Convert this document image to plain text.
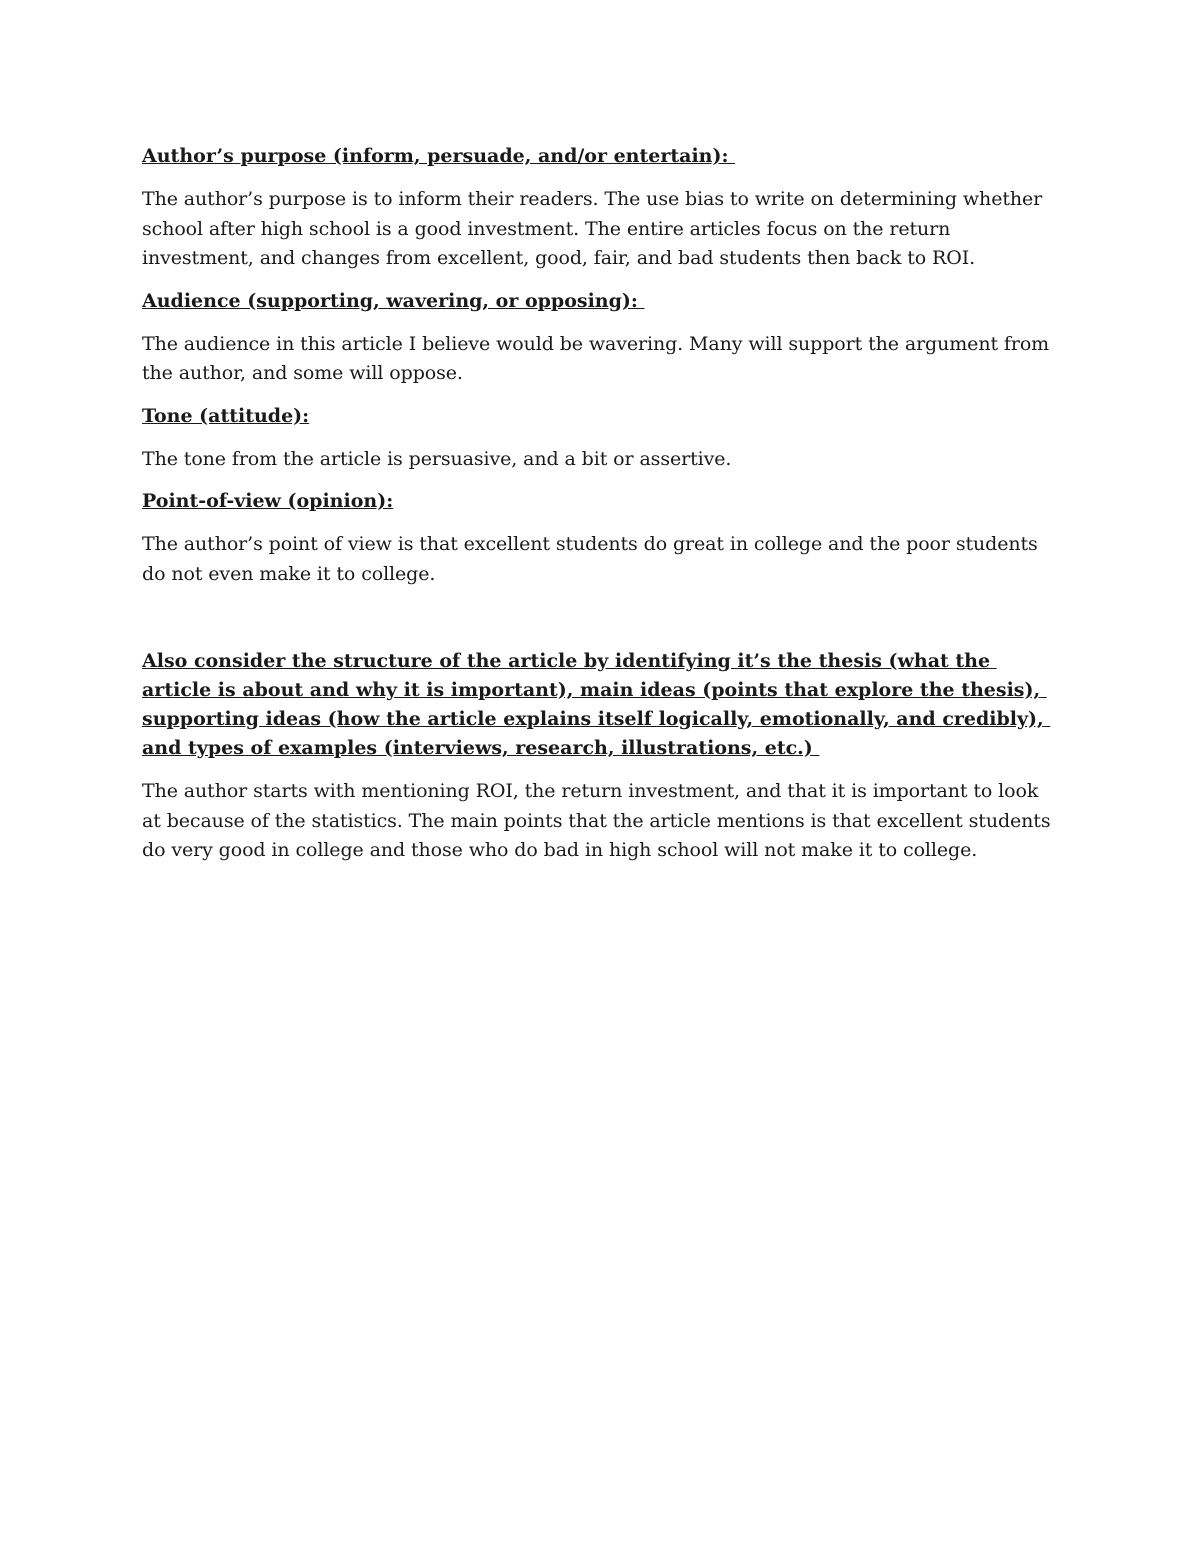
Author’s purpose (inform, persuade, and/or entertain):

The author’s purpose is to inform their readers. The use bias to write on determining whether school after high school is a good investment. The entire articles focus on the return investment, and changes from excellent, good, fair, and bad students then back to ROI.

Audience (supporting, wavering, or opposing):

The audience in this article I believe would be wavering. Many will support the argument from the author, and some will oppose.

Tone (attitude):

The tone from the article is persuasive, and a bit or assertive.

Point-of-view (opinion):

The author’s point of view is that excellent students do great in college and the poor students do not even make it to college.

Also consider the structure of the article by identifying it’s the thesis (what the article is about and why it is important), main ideas (points that explore the thesis), supporting ideas (how the article explains itself logically, emotionally, and credibly), and types of examples (interviews, research, illustrations, etc.)

The author starts with mentioning ROI, the return investment, and that it is important to look at because of the statistics. The main points that the article mentions is that excellent students do very good in college and those who do bad in high school will not make it to college.
